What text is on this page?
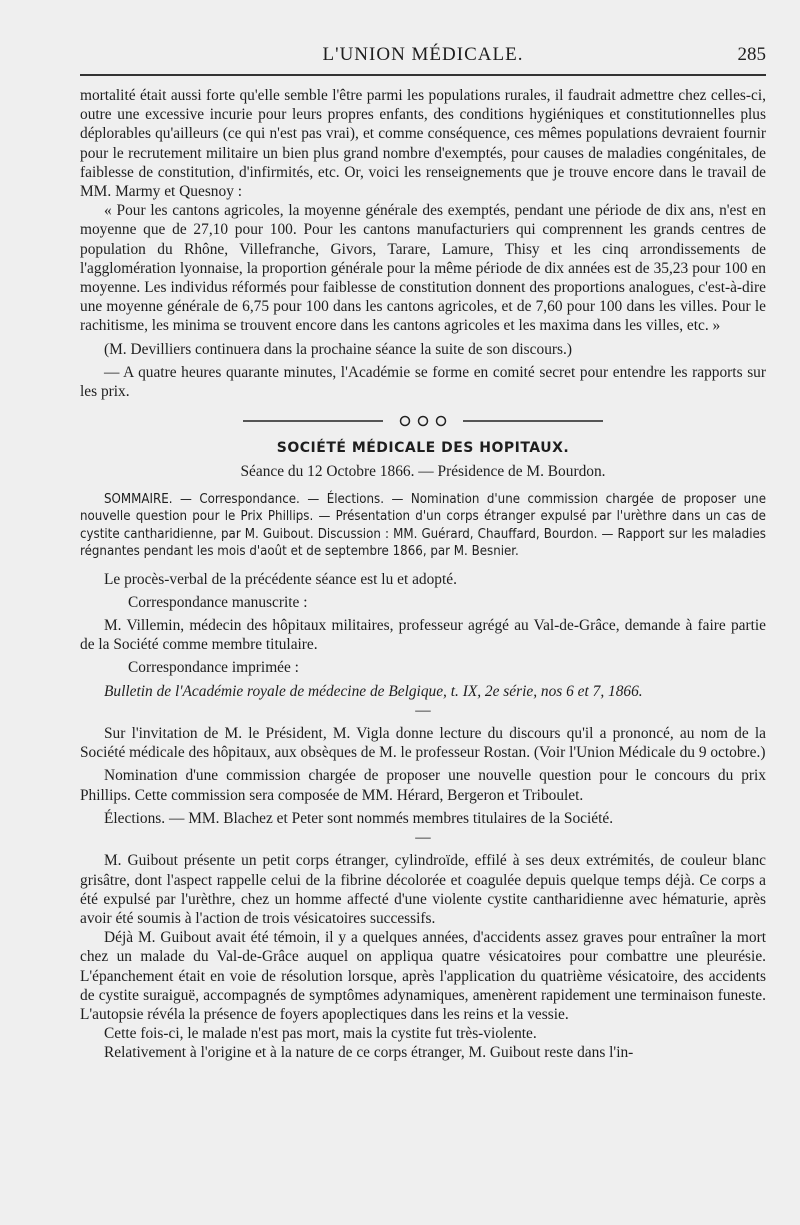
L'UNION MÉDICALE.	285

mortalité était aussi forte qu'elle semble l'être parmi les populations rurales, il faudrait admettre chez celles-ci, outre une excessive incurie pour leurs propres enfants, des conditions hygiéniques et constitutionnelles plus déplorables qu'ailleurs (ce qui n'est pas vrai), et comme conséquence, ces mêmes populations devraient fournir pour le recrutement militaire un bien plus grand nombre d'exemptés, pour causes de maladies congénitales, de faiblesse de constitution, d'infirmités, etc. Or, voici les renseignements que je trouve encore dans le travail de MM. Marmy et Quesnoy :

« Pour les cantons agricoles, la moyenne générale des exemptés, pendant une période de dix ans, n'est en moyenne que de 27,10 pour 100. Pour les cantons manufacturiers qui comprennent les grands centres de population du Rhône, Villefranche, Givors, Tarare, Lamure, Thisy et les cinq arrondissements de l'agglomération lyonnaise, la proportion générale pour la même période de dix années est de 35,23 pour 100 en moyenne. Les individus réformés pour faiblesse de constitution donnent des proportions analogues, c'est-à-dire une moyenne générale de 6,75 pour 100 dans les cantons agricoles, et de 7,60 pour 100 dans les villes. Pour le rachitisme, les minima se trouvent encore dans les cantons agricoles et les maxima dans les villes, etc. »

(M. Devilliers continuera dans la prochaine séance la suite de son discours.)

— A quatre heures quarante minutes, l'Académie se forme en comité secret pour entendre les rapports sur les prix.

SOCIÉTÉ MÉDICALE DES HOPITAUX.

Séance du 12 Octobre 1866. — Présidence de M. Bourdon.

SOMMAIRE. — Correspondance. — Élections. — Nomination d'une commission chargée de proposer une nouvelle question pour le Prix Phillips. — Présentation d'un corps étranger expulsé par l'urèthre dans un cas de cystite cantharidienne, par M. Guibout. Discussion : MM. Guérard, Chauffard, Bourdon. — Rapport sur les maladies régnantes pendant les mois d'août et de septembre 1866, par M. Besnier.

Le procès-verbal de la précédente séance est lu et adopté.

Correspondance manuscrite :

M. Villemin, médecin des hôpitaux militaires, professeur agrégé au Val-de-Grâce, demande à faire partie de la Société comme membre titulaire.

Correspondance imprimée :

Bulletin de l'Académie royale de médecine de Belgique, t. IX, 2e série, nos 6 et 7, 1866.

—

Sur l'invitation de M. le Président, M. Vigla donne lecture du discours qu'il a prononcé, au nom de la Société médicale des hôpitaux, aux obsèques de M. le professeur Rostan. (Voir l'Union Médicale du 9 octobre.)

Nomination d'une commission chargée de proposer une nouvelle question pour le concours du prix Phillips. Cette commission sera composée de MM. Hérard, Bergeron et Triboulet.

Élections. — MM. Blachez et Peter sont nommés membres titulaires de la Société.

—

M. Guibout présente un petit corps étranger, cylindroïde, effilé à ses deux extrémités, de couleur blanc grisâtre, dont l'aspect rappelle celui de la fibrine décolorée et coagulée depuis quelque temps déjà. Ce corps a été expulsé par l'urèthre, chez un homme affecté d'une violente cystite cantharidienne avec hématurie, après avoir été soumis à l'action de trois vésicatoires successifs.

Déjà M. Guibout avait été témoin, il y a quelques années, d'accidents assez graves pour entraîner la mort chez un malade du Val-de-Grâce auquel on appliqua quatre vésicatoires pour combattre une pleurésie. L'épanchement était en voie de résolution lorsque, après l'application du quatrième vésicatoire, des accidents de cystite suraiguë, accompagnés de symptômes adynamiques, amenèrent rapidement une terminaison funeste. L'autopsie révéla la présence de foyers apoplectiques dans les reins et la vessie.

Cette fois-ci, le malade n'est pas mort, mais la cystite fut très-violente.

Relativement à l'origine et à la nature de ce corps étranger, M. Guibout reste dans l'in-
